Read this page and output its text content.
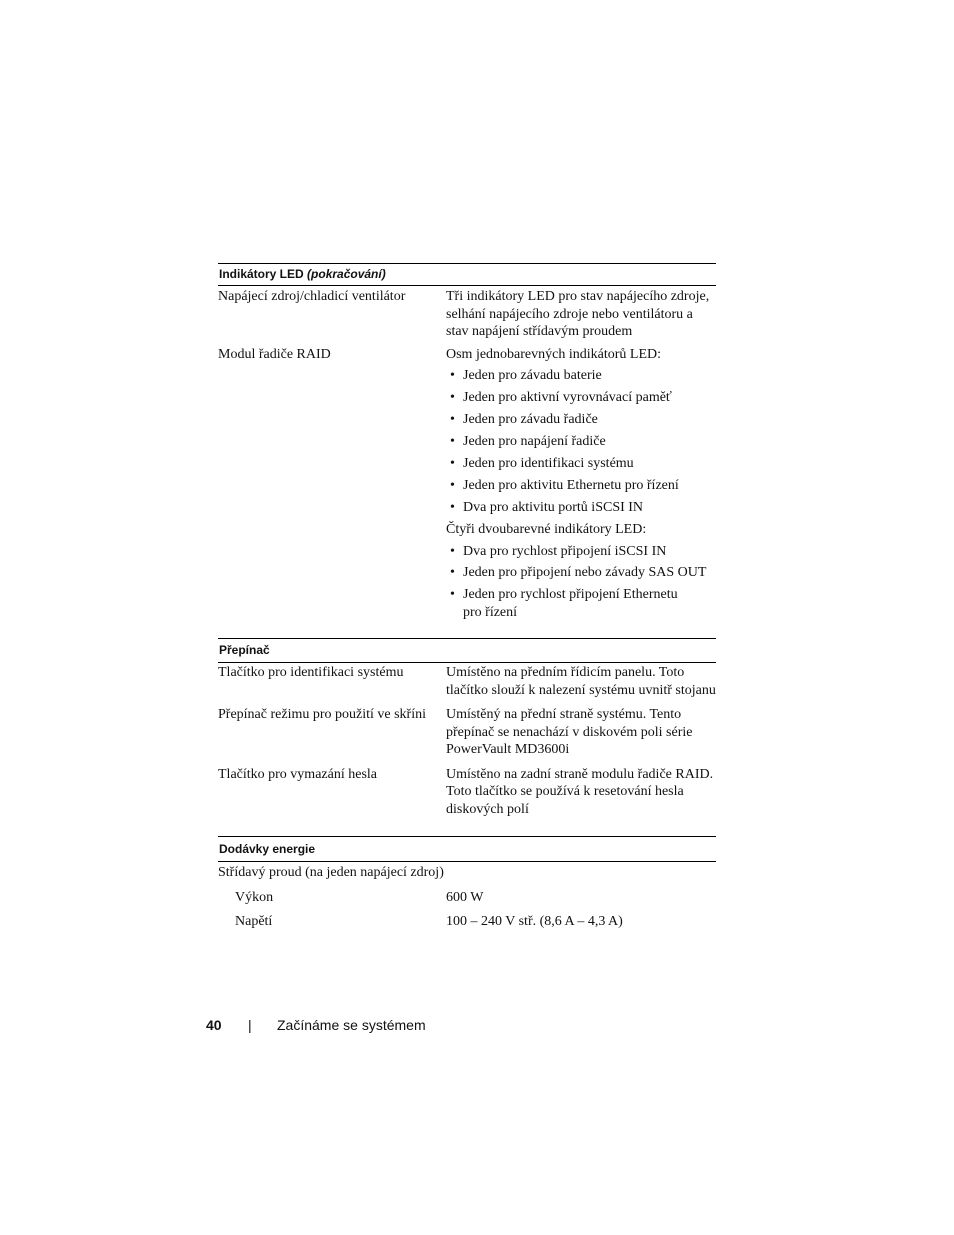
Indikátory LED (pokračování)
Napájecí zdroj/chladicí ventilátor	Tři indikátory LED pro stav napájecího zdroje, selhání napájecího zdroje nebo ventilátoru a stav napájení střídavým proudem
Modul řadiče RAID	Osm jednobarevných indikátorů LED:
• Jeden pro závadu baterie
• Jeden pro aktivní vyrovnávací paměť
• Jeden pro závadu řadiče
• Jeden pro napájení řadiče
• Jeden pro identifikaci systému
• Jeden pro aktivitu Ethernetu pro řízení
• Dva pro aktivitu portů iSCSI IN
Čtyři dvoubarevné indikátory LED:
• Dva pro rychlost připojení iSCSI IN
• Jeden pro připojení nebo závady SAS OUT
• Jeden pro rychlost připojení Ethernetu pro řízení
Přepínač
Tlačítko pro identifikaci systému	Umístěno na předním řídicím panelu. Toto tlačítko slouží k nalezení systému uvnitř stojanu
Přepínač režimu pro použití ve skříni	Umístěný na přední straně systému. Tento přepínač se nenachází v diskovém poli série PowerVault MD3600i
Tlačítko pro vymazání hesla	Umístěno na zadní straně modulu řadiče RAID. Toto tlačítko se používá k resetování hesla diskových polí
Dodávky energie
Střídavý proud (na jeden napájecí zdroj)
Výkon	600 W
Napětí	100 – 240 V stř. (8,6 A – 4,3 A)
40 | Začínáme se systémem
